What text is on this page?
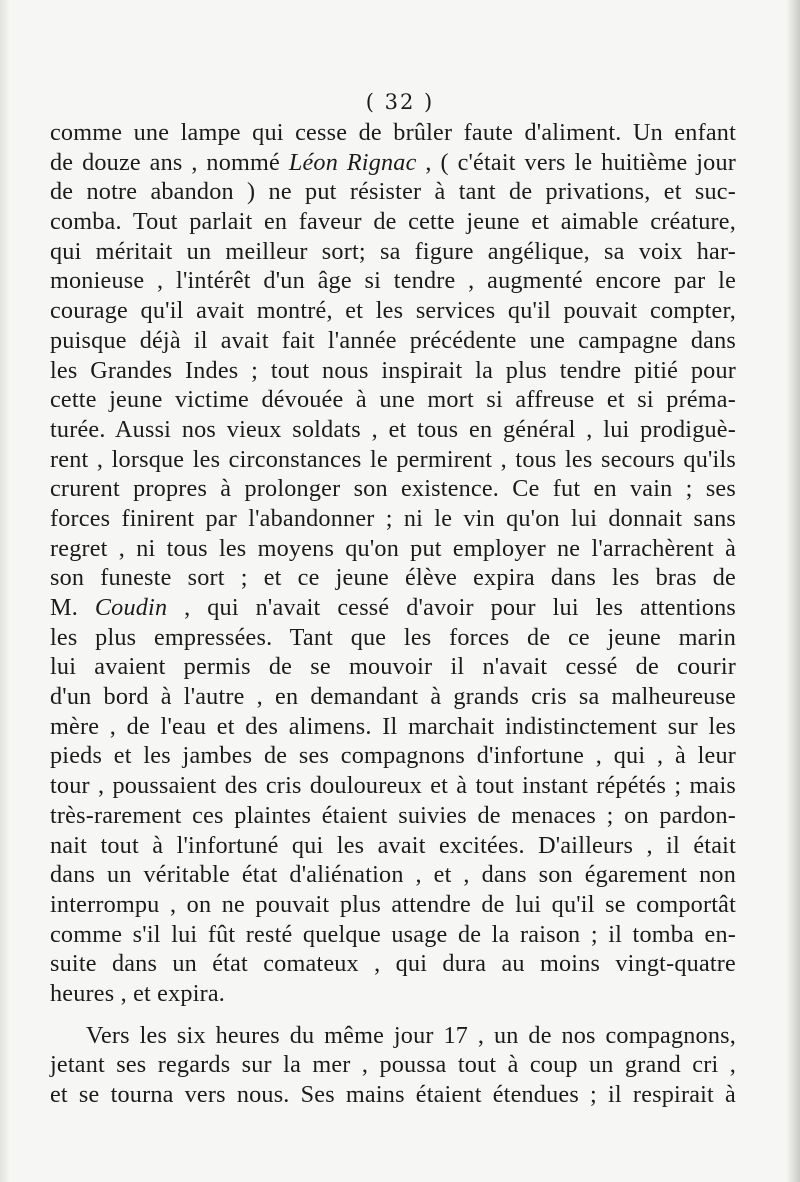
( 32 )
comme une lampe qui cesse de brûler faute d'aliment. Un enfant
de douze ans , nommé Léon Rignac , ( c'était vers le huitième jour
de notre abandon ) ne put résister à tant de privations, et suc-
comba. Tout parlait en faveur de cette jeune et aimable créature,
qui méritait un meilleur sort; sa figure angélique, sa voix har-
monieuse , l'intérêt d'un âge si tendre , augmenté encore par le
courage qu'il avait montré, et les services qu'il pouvait compter,
puisque déjà il avait fait l'année précédente une campagne dans
les Grandes Indes ; tout nous inspirait la plus tendre pitié pour
cette jeune victime dévouée à une mort si affreuse et si préma-
turée. Aussi nos vieux soldats , et tous en général , lui prodiguè-
rent , lorsque les circonstances le permirent , tous les secours qu'ils
crurent propres à prolonger son existence. Ce fut en vain ; ses
forces finirent par l'abandonner ; ni le vin qu'on lui donnait sans
regret , ni tous les moyens qu'on put employer ne l'arrachèrent à
son funeste sort ; et ce jeune élève expira dans les bras de
M. Coudin , qui n'avait cessé d'avoir pour lui les attentions
les plus empressées. Tant que les forces de ce jeune marin
lui avaient permis de se mouvoir il n'avait cessé de courir
d'un bord à l'autre , en demandant à grands cris sa malheureuse
mère , de l'eau et des alimens. Il marchait indistinctement sur les
pieds et les jambes de ses compagnons d'infortune , qui , à leur
tour , poussaient des cris douloureux et à tout instant répétés ; mais
très-rarement ces plaintes étaient suivies de menaces ; on pardon-
nait tout à l'infortuné qui les avait excitées. D'ailleurs , il était
dans un véritable état d'aliénation , et , dans son égarement non
interrompu , on ne pouvait plus attendre de lui qu'il se comportât
comme s'il lui fût resté quelque usage de la raison ; il tomba en-
suite dans un état comateux , qui dura au moins vingt-quatre
heures , et expira.
Vers les six heures du même jour 17 , un de nos compagnons,
jetant ses regards sur la mer , poussa tout à coup un grand cri ,
et se tourna vers nous. Ses mains étaient étendues ; il respirait à
